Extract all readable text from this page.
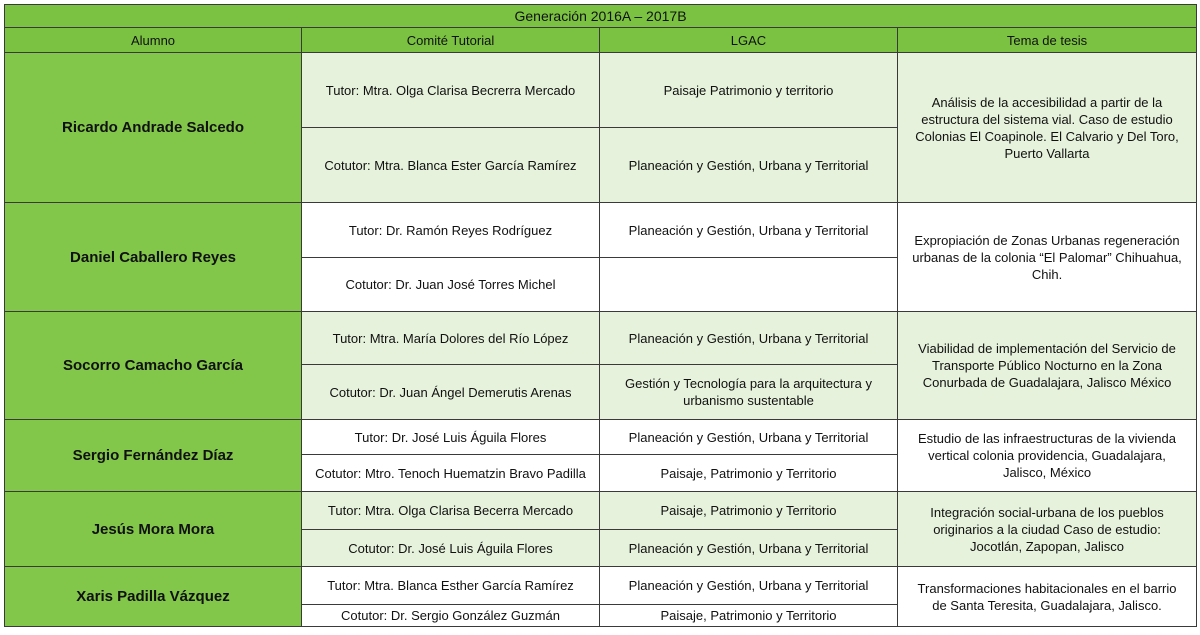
Generación 2016A – 2017B			
Alumno	Comité Tutorial	LGAC	Tema de tesis
Ricardo Andrade Salcedo	Tutor: Mtra. Olga Clarisa Becrerra Mercado	Paisaje Patrimonio y territorio	Análisis de la accesibilidad a partir de la estructura del sistema vial. Caso de estudio Colonias El Coapinole. El Calvario y Del Toro, Puerto Vallarta
	Cotutor: Mtra. Blanca Ester García Ramírez	Planeación y Gestión, Urbana y Territorial	
Daniel Caballero Reyes	Tutor: Dr. Ramón Reyes Rodríguez	Planeación y Gestión, Urbana y Territorial	Expropiación de Zonas Urbanas regeneración urbanas de la colonia “El Palomar” Chihuahua, Chih.
	Cotutor: Dr. Juan José Torres Michel		
Socorro Camacho García	Tutor: Mtra. María Dolores del Río López	Planeación y Gestión, Urbana y Territorial	Viabilidad de implementación del Servicio de Transporte Público Nocturno en la Zona Conurbada de Guadalajara, Jalisco México
	Cotutor: Dr. Juan Ángel Demerutis Arenas	Gestión y Tecnología para la arquitectura y urbanismo sustentable	
Sergio Fernández Díaz	Tutor: Dr. José Luis Águila Flores	Planeación y Gestión, Urbana y Territorial	Estudio de las infraestructuras de la vivienda vertical colonia providencia, Guadalajara, Jalisco, México
	Cotutor: Mtro. Tenoch Huematzin Bravo Padilla	Paisaje, Patrimonio y Territorio	
Jesús Mora Mora	Tutor: Mtra. Olga Clarisa Becerra Mercado	Paisaje, Patrimonio y Territorio	Integración social-urbana de los pueblos originarios a la ciudad Caso de estudio: Jocotlán, Zapopan, Jalisco
	Cotutor: Dr. José Luis Águila Flores	Planeación y Gestión, Urbana y Territorial	
Xaris Padilla Vázquez	Tutor: Mtra. Blanca Esther García Ramírez	Planeación y Gestión, Urbana y Territorial	Transformaciones habitacionales en el barrio de Santa Teresita, Guadalajara, Jalisco.
	Cotutor: Dr. Sergio González Guzmán	Paisaje, Patrimonio y Territorio	
